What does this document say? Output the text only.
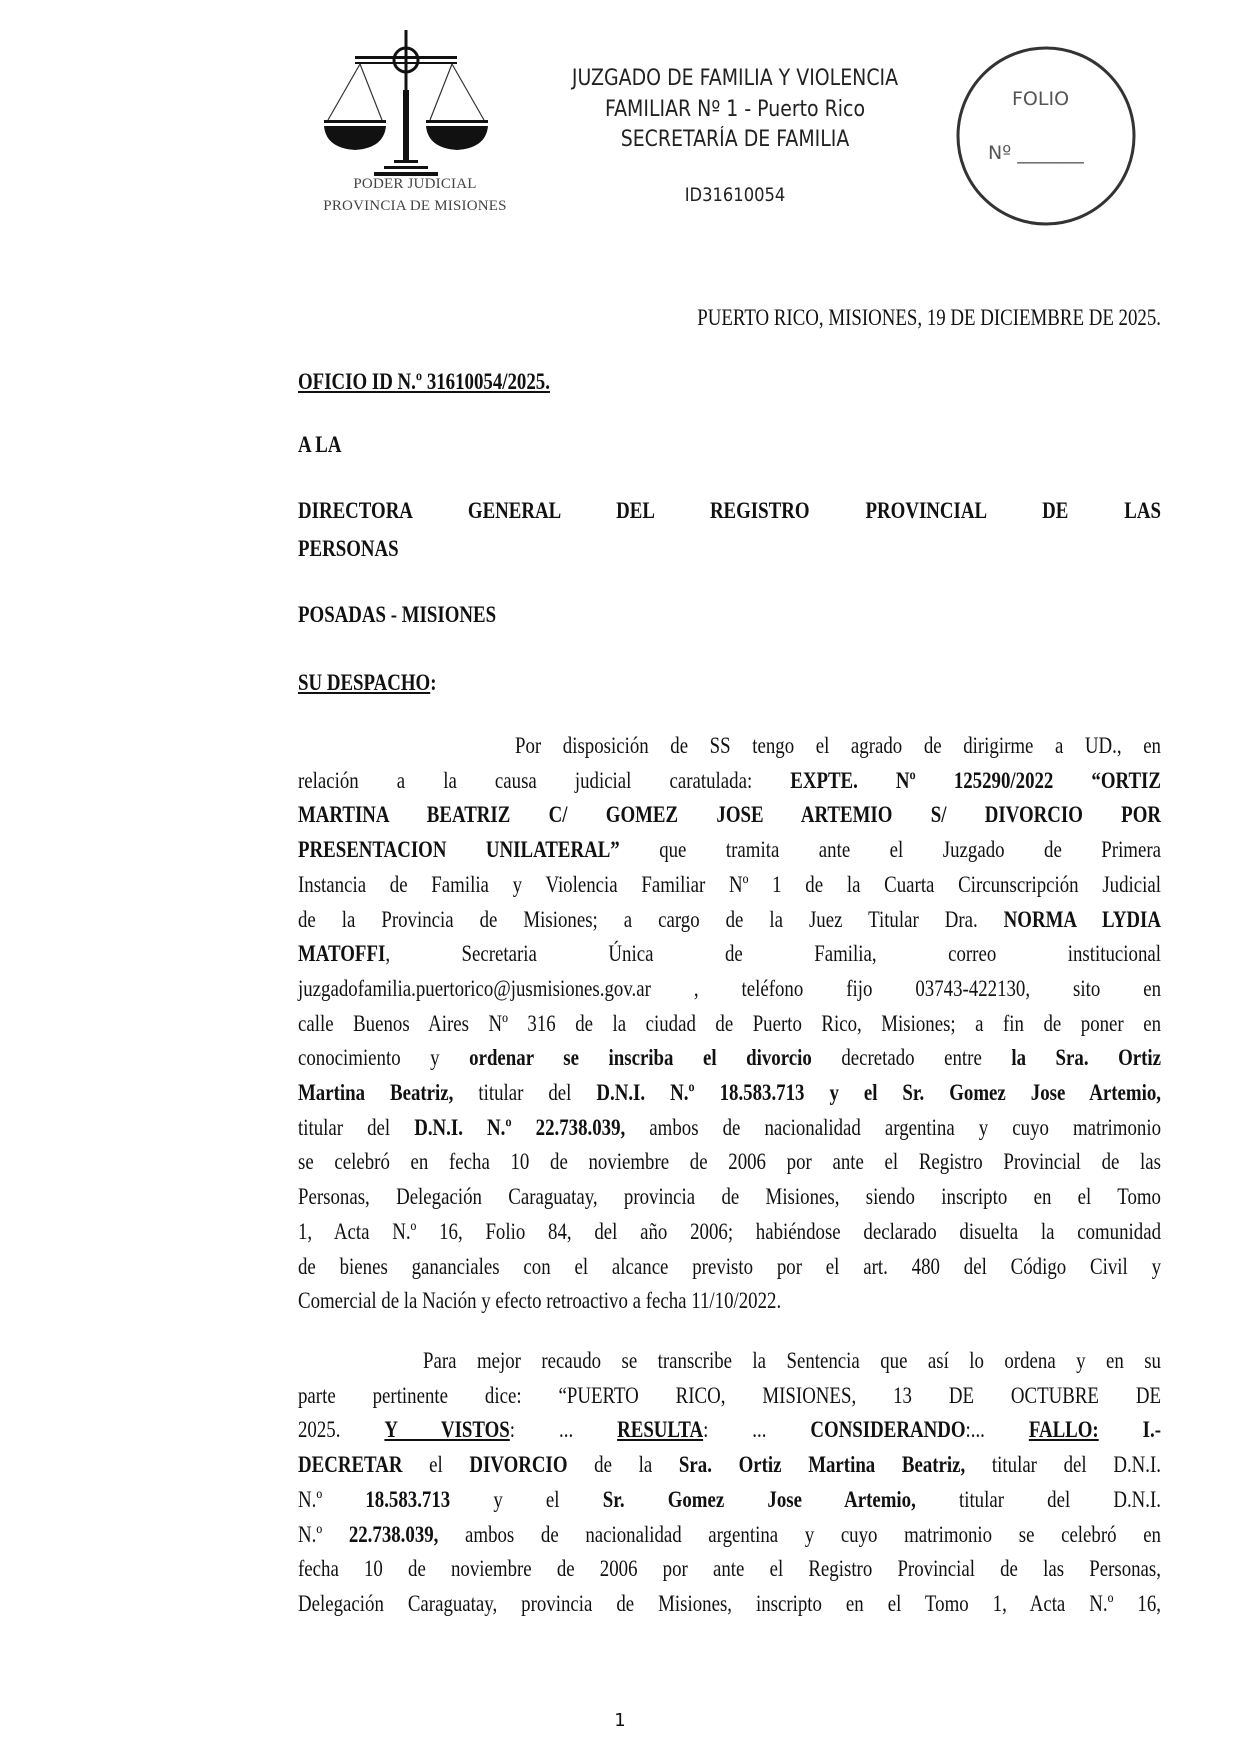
PODER JUDICIAL
PROVINCIA DE MISIONES
JUZGADO DE FAMILIA Y VIOLENCIA
FAMILIAR Nº 1 - Puerto Rico
SECRETARÍA DE FAMILIA
ID31610054
FOLIO
Nº _______
PUERTO RICO, MISIONES, 19 DE DICIEMBRE DE 2025.
OFICIO ID N.º 31610054/2025.
A LA
DIRECTORA GENERAL DEL REGISTRO PROVINCIAL DE LAS
PERSONAS
POSADAS - MISIONES
SU DESPACHO:
Por disposición de SS tengo el agrado de dirigirme a UD., en
relación a la causa judicial caratulada: EXPTE. Nº 125290/2022 “ORTIZ
MARTINA BEATRIZ C/ GOMEZ JOSE ARTEMIO S/ DIVORCIO POR
PRESENTACION UNILATERAL” que tramita ante el Juzgado de Primera
Instancia de Familia y Violencia Familiar Nº 1 de la Cuarta Circunscripción Judicial
de la Provincia de Misiones; a cargo de la Juez Titular Dra. NORMA LYDIA
MATOFFI, Secretaria Única de Familia, correo institucional
juzgadofamilia.puertorico@jusmisiones.gov.ar , teléfono fijo 03743-422130, sito en
calle Buenos Aires Nº 316 de la ciudad de Puerto Rico, Misiones; a fin de poner en
conocimiento y ordenar se inscriba el divorcio decretado entre la Sra. Ortiz
Martina Beatriz, titular del D.N.I. N.º 18.583.713 y el Sr. Gomez Jose Artemio,
titular del D.N.I. N.º 22.738.039, ambos de nacionalidad argentina y cuyo matrimonio
se celebró en fecha 10 de noviembre de 2006 por ante el Registro Provincial de las
Personas, Delegación Caraguatay, provincia de Misiones, siendo inscripto en el Tomo
1, Acta N.º 16, Folio 84, del año 2006; habiéndose declarado disuelta la comunidad
de bienes gananciales con el alcance previsto por el art. 480 del Código Civil y
Comercial de la Nación y efecto retroactivo a fecha 11/10/2022.
Para mejor recaudo se transcribe la Sentencia que así lo ordena y en su
parte pertinente dice: “PUERTO RICO, MISIONES, 13 DE OCTUBRE DE
2025. Y VISTOS: ... RESULTA: ... CONSIDERANDO:... FALLO: I.-
DECRETAR el DIVORCIO de la Sra. Ortiz Martina Beatriz, titular del D.N.I.
N.º 18.583.713 y el Sr. Gomez Jose Artemio, titular del D.N.I.
N.º 22.738.039, ambos de nacionalidad argentina y cuyo matrimonio se celebró en
fecha 10 de noviembre de 2006 por ante el Registro Provincial de las Personas,
Delegación Caraguatay, provincia de Misiones, inscripto en el Tomo 1, Acta N.º 16,
1
